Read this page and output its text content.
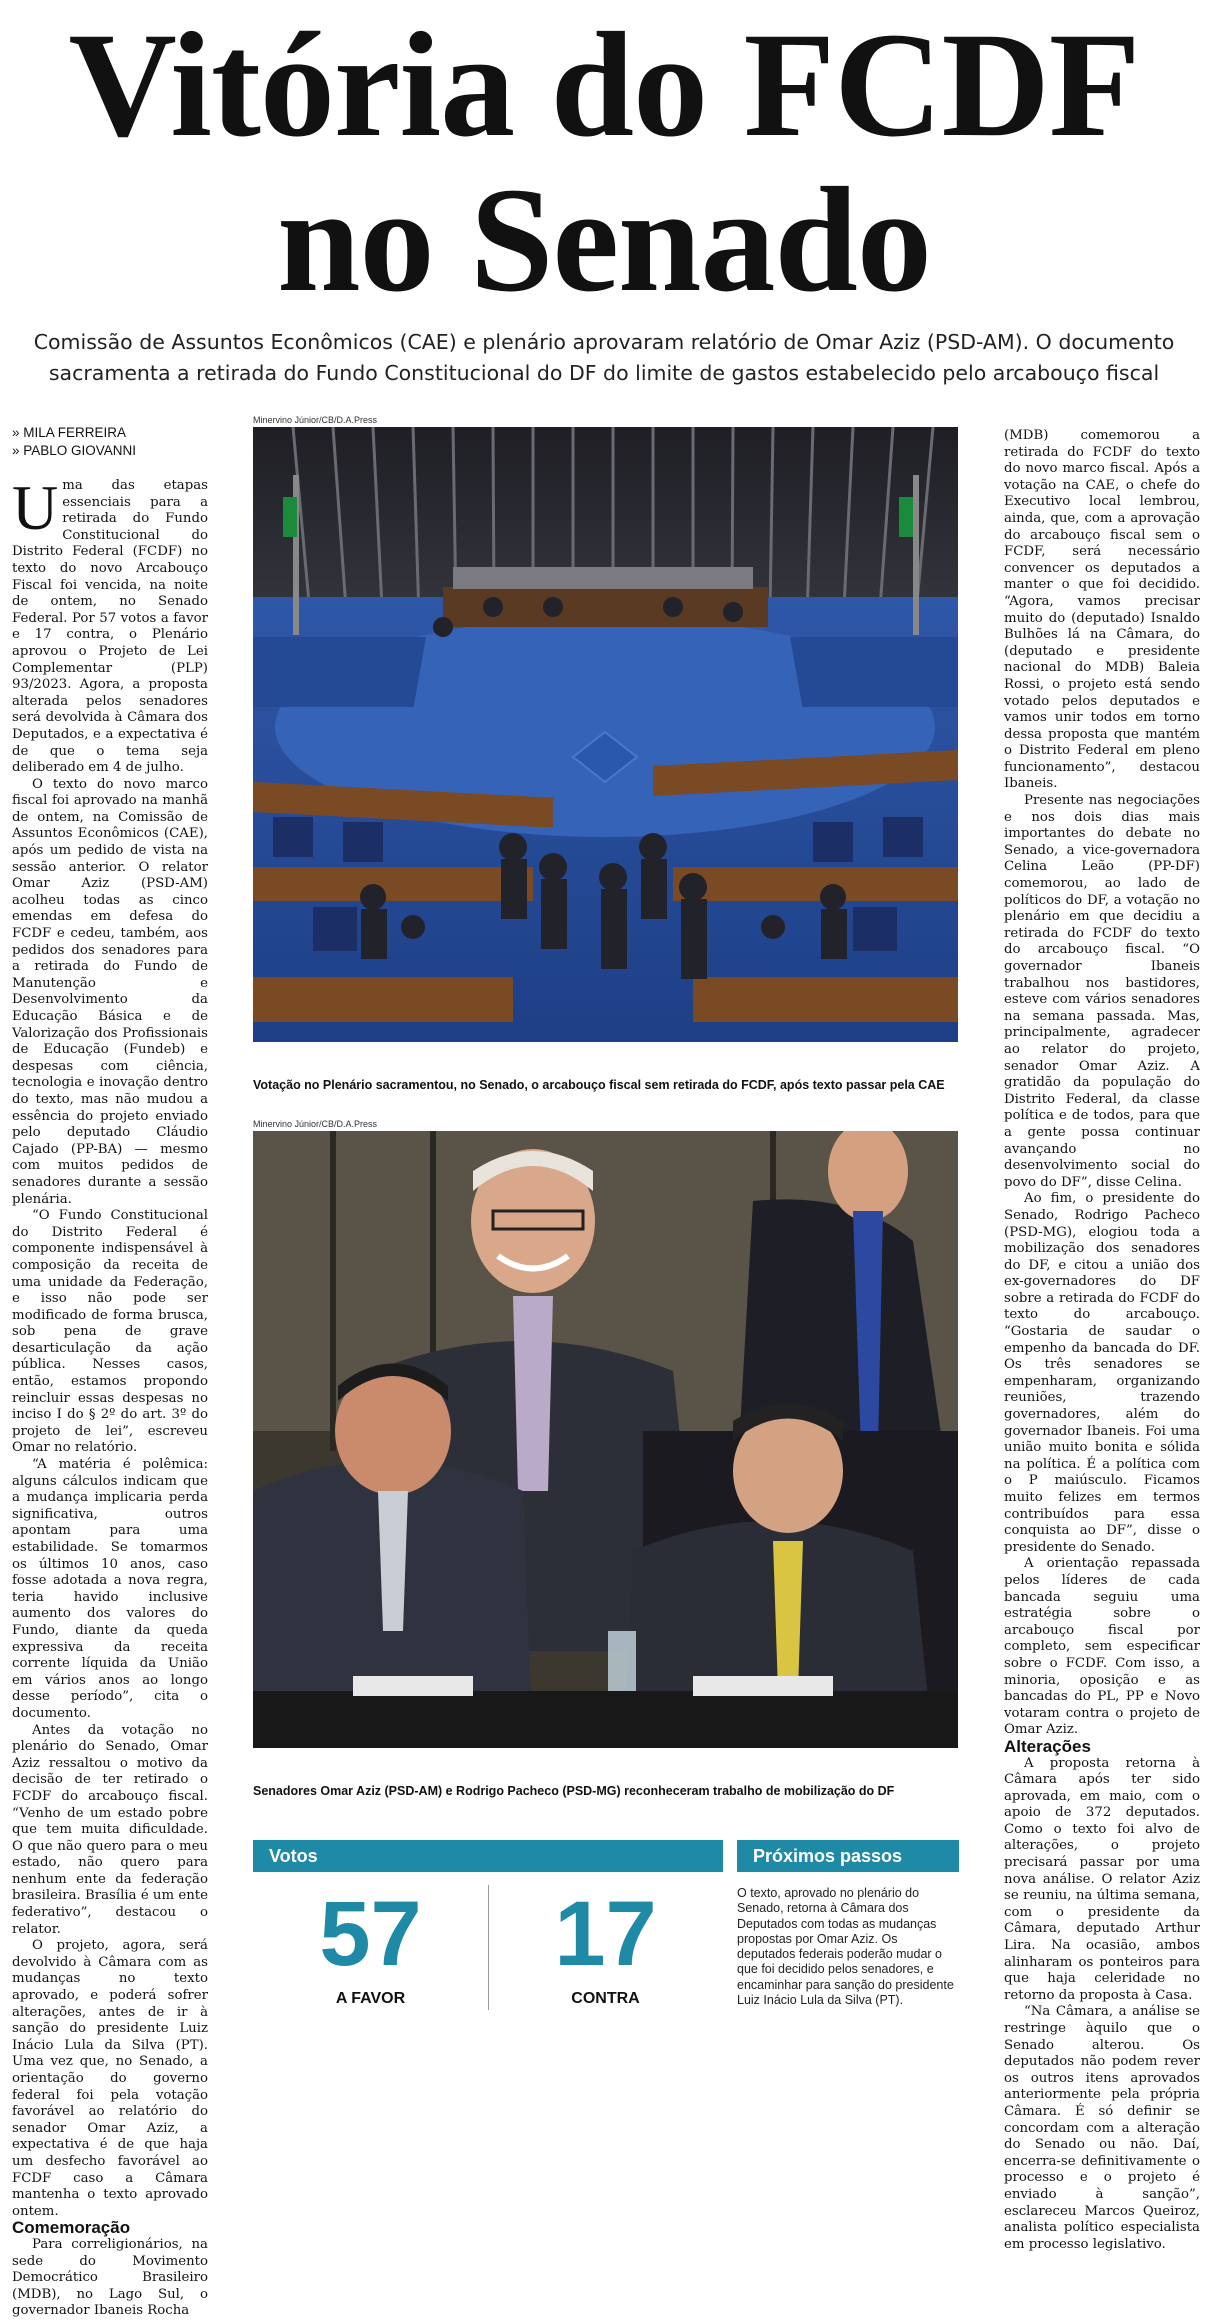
Vitória do FCDF
no Senado
Comissão de Assuntos Econômicos (CAE) e plenário aprovaram relatório de Omar Aziz (PSD-AM). O documento
sacramenta a retirada do Fundo Constitucional do DF do limite de gastos estabelecido pelo arcabouço fiscal
» MILA FERREIRA
» PABLO GIOVANNI

Uma das etapas essenciais para a retirada do Fundo Constitucional do Distrito Federal (FCDF) no texto do novo Arcabouço Fiscal foi vencida, na noite de ontem, no Senado Federal. Por 57 votos a favor e 17 contra, o Plenário aprovou o Projeto de Lei Complementar (PLP) 93/2023. Agora, a proposta alterada pelos senadores será devolvida à Câmara dos Deputados, e a expectativa é de que o tema seja deliberado em 4 de julho.

O texto do novo marco fiscal foi aprovado na manhã de ontem, na Comissão de Assuntos Econômicos (CAE), após um pedido de vista na sessão anterior. O relator Omar Aziz (PSD-AM) acolheu todas as cinco emendas em defesa do FCDF e cedeu, também, aos pedidos dos senadores para a retirada do Fundo de Manutenção e Desenvolvimento da Educação Básica e de Valorização dos Profissionais de Educação (Fundeb) e despesas com ciência, tecnologia e inovação dentro do texto, mas não mudou a essência do projeto enviado pelo deputado Cláudio Cajado (PP-BA) — mesmo com muitos pedidos de senadores durante a sessão plenária.

“O Fundo Constitucional do Distrito Federal é componente indispensável à composição da receita de uma unidade da Federação, e isso não pode ser modificado de forma brusca, sob pena de grave desarticulação da ação pública. Nesses casos, então, estamos propondo reincluir essas despesas no inciso I do § 2º do art. 3º do projeto de lei”, escreveu Omar no relatório.

“A matéria é polêmica: alguns cálculos indicam que a mudança implicaria perda significativa, outros apontam para uma estabilidade. Se tomarmos os últimos 10 anos, caso fosse adotada a nova regra, teria havido inclusive aumento dos valores do Fundo, diante da queda expressiva da receita corrente líquida da União em vários anos ao longo desse período”, cita o documento.

Antes da votação no plenário do Senado, Omar Aziz ressaltou o motivo da decisão de ter retirado o FCDF do arcabouço fiscal. “Venho de um estado pobre que tem muita dificuldade. O que não quero para o meu estado, não quero para nenhum ente da federação brasileira. Brasília é um ente federativo”, destacou o relator.

O projeto, agora, será devolvido à Câmara com as mudanças no texto aprovado, e poderá sofrer alterações, antes de ir à sanção do presidente Luiz Inácio Lula da Silva (PT). Uma vez que, no Senado, a orientação do governo federal foi pela votação favorável ao relatório do senador Omar Aziz, a expectativa é de que haja um desfecho favorável ao FCDF caso a Câmara mantenha o texto aprovado ontem.

Comemoração

Para correligionários, na sede do Movimento Democrático Brasileiro (MDB), no Lago Sul, o governador Ibaneis Rocha

Minervino Júnior/CB/D.A.Press
Votação no Plenário sacramentou, no Senado, o arcabouço fiscal sem retirada do FCDF, após texto passar pela CAE
Minervino Júnior/CB/D.A.Press
Senadores Omar Aziz (PSD-AM) e Rodrigo Pacheco (PSD-MG) reconheceram trabalho de mobilização do DF
Votos
57
A FAVOR
17
CONTRA
Próximos passos
O texto, aprovado no plenário do Senado, retorna à Câmara dos Deputados com todas as mudanças propostas por Omar Aziz. Os deputados federais poderão mudar o que foi decidido pelos senadores, e encaminhar para sanção do presidente Luiz Inácio Lula da Silva (PT).

(MDB) comemorou a retirada do FCDF do texto do novo marco fiscal. Após a votação na CAE, o chefe do Executivo local lembrou, ainda, que, com a aprovação do arcabouço fiscal sem o FCDF, será necessário convencer os deputados a manter o que foi decidido. “Agora, vamos precisar muito do (deputado) Isnaldo Bulhões lá na Câmara, do (deputado e presidente nacional do MDB) Baleia Rossi, o projeto está sendo votado pelos deputados e vamos unir todos em torno dessa proposta que mantém o Distrito Federal em pleno funcionamento”, destacou Ibaneis.

Presente nas negociações e nos dois dias mais importantes do debate no Senado, a vice-governadora Celina Leão (PP-DF) comemorou, ao lado de políticos do DF, a votação no plenário em que decidiu a retirada do FCDF do texto do arcabouço fiscal. “O governador Ibaneis trabalhou nos bastidores, esteve com vários senadores na semana passada. Mas, principalmente, agradecer ao relator do projeto, senador Omar Aziz. A gratidão da população do Distrito Federal, da classe política e de todos, para que a gente possa continuar avançando no desenvolvimento social do povo do DF”, disse Celina.

Ao fim, o presidente do Senado, Rodrigo Pacheco (PSD-MG), elogiou toda a mobilização dos senadores do DF, e citou a união dos ex-governadores do DF sobre a retirada do FCDF do texto do arcabouço. “Gostaria de saudar o empenho da bancada do DF. Os três senadores se empenharam, organizando reuniões, trazendo governadores, além do governador Ibaneis. Foi uma união muito bonita e sólida na política. É a política com o P maiúsculo. Ficamos muito felizes em termos contribuídos para essa conquista ao DF”, disse o presidente do Senado.

A orientação repassada pelos líderes de cada bancada seguiu uma estratégia sobre o arcabouço fiscal por completo, sem especificar sobre o FCDF. Com isso, a minoria, oposição e as bancadas do PL, PP e Novo votaram contra o projeto de Omar Aziz.

Alterações

A proposta retorna à Câmara após ter sido aprovada, em maio, com o apoio de 372 deputados. Como o texto foi alvo de alterações, o projeto precisará passar por uma nova análise. O relator Aziz se reuniu, na última semana, com o presidente da Câmara, deputado Arthur Lira. Na ocasião, ambos alinharam os ponteiros para que haja celeridade no retorno da proposta à Casa.

“Na Câmara, a análise se restringe àquilo que o Senado alterou. Os deputados não podem rever os outros itens aprovados anteriormente pela própria Câmara. É só definir se concordam com a alteração do Senado ou não. Daí, encerra-se definitivamente o processo e o projeto é enviado à sanção”, esclareceu Marcos Queiroz, analista político especialista em processo legislativo.
